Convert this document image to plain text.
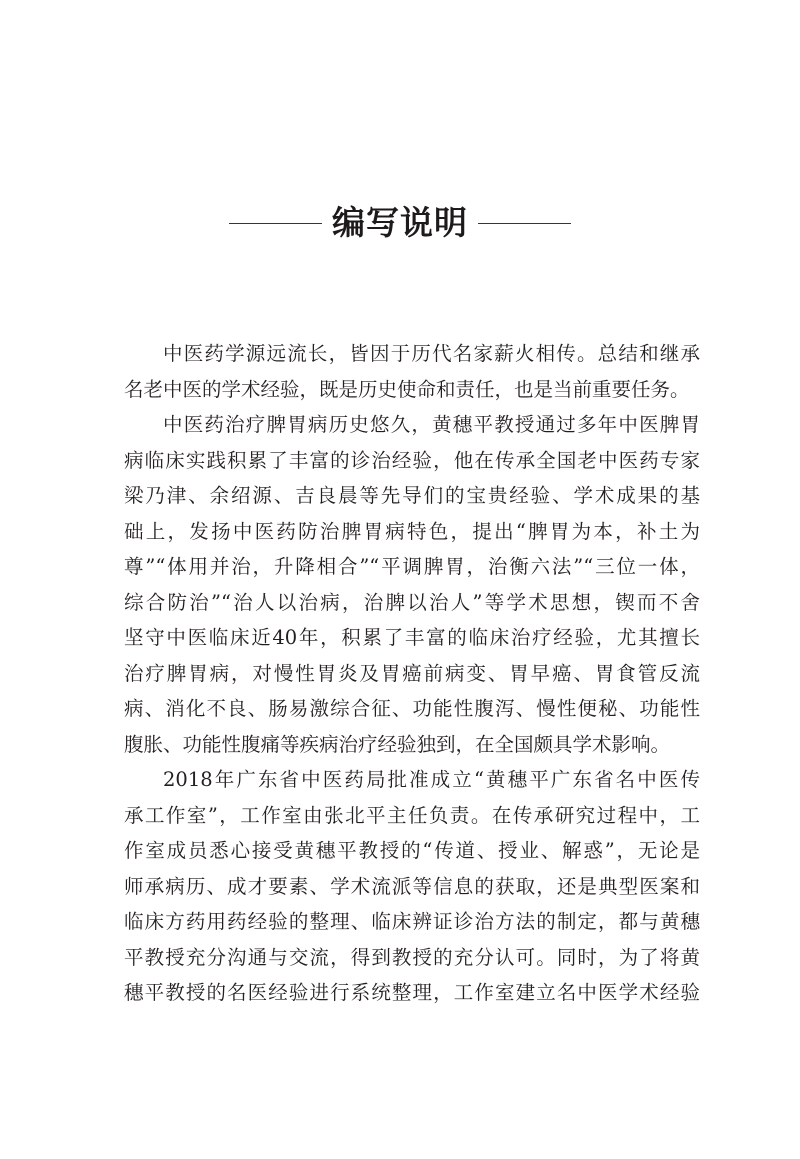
编写说明
中医药学源远流长，皆因于历代名家薪火相传。总结和继承
名老中医的学术经验，既是历史使命和责任，也是当前重要任务。
中医药治疗脾胃病历史悠久，黄穗平教授通过多年中医脾胃
病临床实践积累了丰富的诊治经验，他在传承全国老中医药专家
梁乃津、余绍源、吉良晨等先导们的宝贵经验、学术成果的基
础上，发扬中医药防治脾胃病特色，提出“脾胃为本，补土为
尊”“体用并治，升降相合”“平调脾胃，治衡六法”“三位一体，
综合防治”“治人以治病，治脾以治人”等学术思想，锲而不舍
坚守中医临床近40年，积累了丰富的临床治疗经验，尤其擅长
治疗脾胃病，对慢性胃炎及胃癌前病变、胃早癌、胃食管反流
病、消化不良、肠易激综合征、功能性腹泻、慢性便秘、功能性
腹胀、功能性腹痛等疾病治疗经验独到，在全国颇具学术影响。
2018年广东省中医药局批准成立“黄穗平广东省名中医传
承工作室”，工作室由张北平主任负责。在传承研究过程中，工
作室成员悉心接受黄穗平教授的“传道、授业、解惑”，无论是
师承病历、成才要素、学术流派等信息的获取，还是典型医案和
临床方药用药经验的整理、临床辨证诊治方法的制定，都与黄穗
平教授充分沟通与交流，得到教授的充分认可。同时，为了将黄
穗平教授的名医经验进行系统整理，工作室建立名中医学术经验
